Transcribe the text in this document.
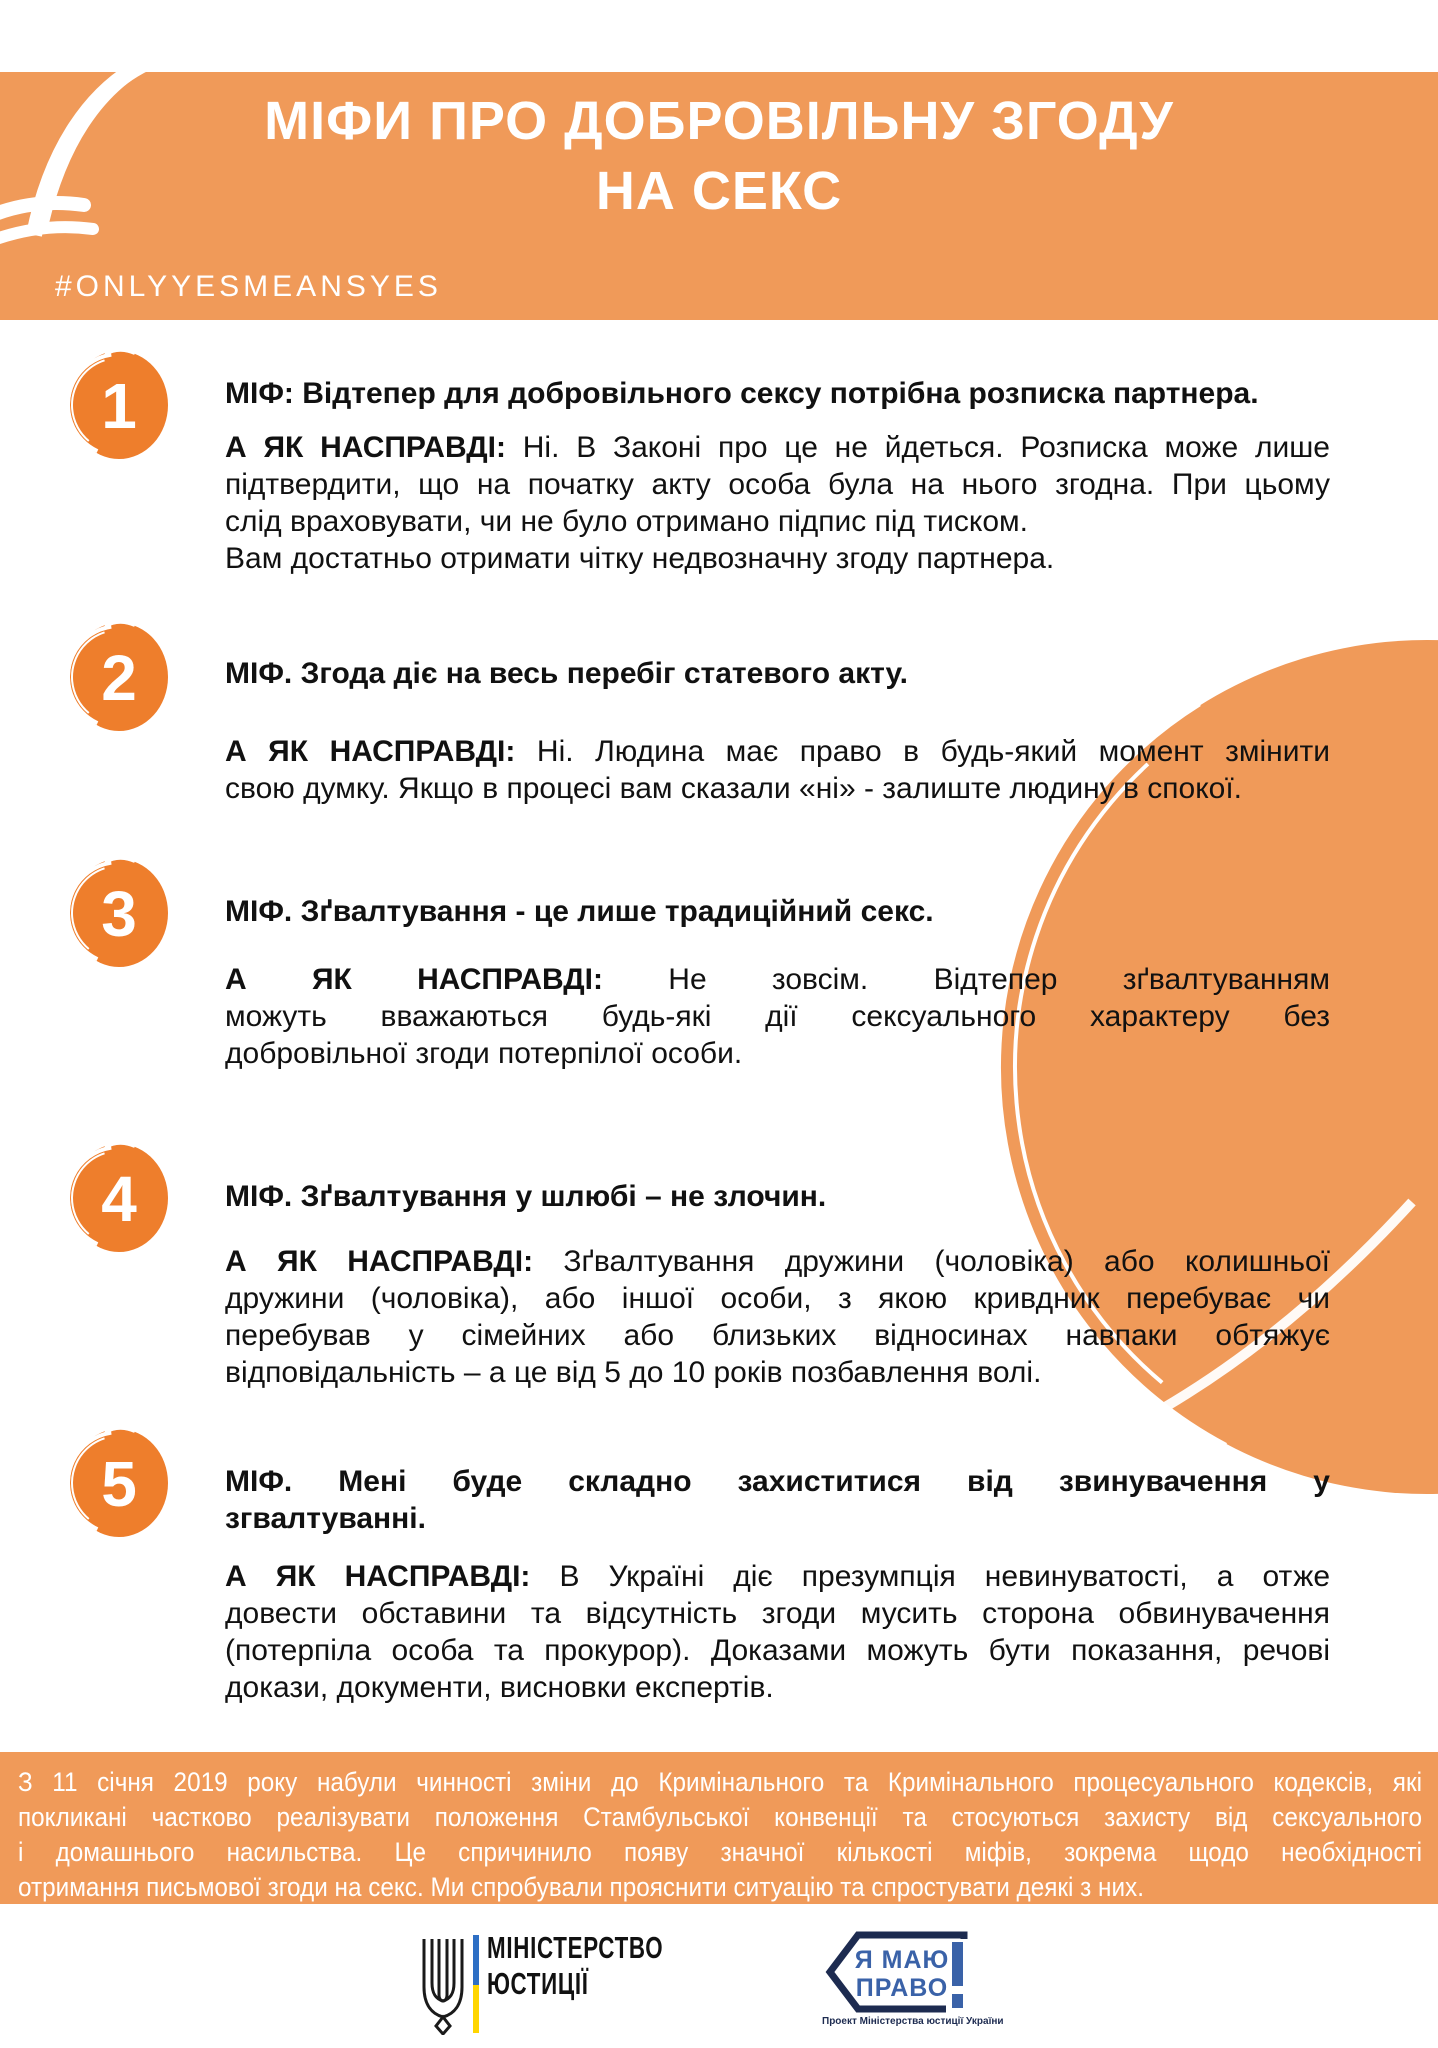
МІФИ ПРО ДОБРОВІЛЬНУ ЗГОДУ
НА СЕКС
#ONLYYESMEANSYES
1	МІФ: Відтепер для добровільного сексу потрібна розписка партнера.
А ЯК НАСПРАВДІ: Ні. В Законі про це не йдеться. Розписка може лише
підтвердити, що на початку акту особа була на нього згодна. При цьому
слід враховувати, чи не було отримано підпис під тиском.
Вам достатньо отримати чітку недвозначну згоду партнера.
2	МІФ. Згода діє на весь перебіг статевого акту.
А ЯК НАСПРАВДІ: Ні. Людина має право в будь-який момент змінити
свою думку. Якщо в процесі вам сказали «ні» - залиште людину в спокої.
3	МІФ. Зґвалтування - це лише традиційний секс.
А ЯК НАСПРАВДІ: Не зовсім. Відтепер зґвалтуванням
можуть вважаються будь-які дії сексуального характеру без
добровільної згоди потерпілої особи.
4	МІФ. Зґвалтування у шлюбі – не злочин.
А ЯК НАСПРАВДІ: Зґвалтування дружини (чоловіка) або колишньої
дружини (чоловіка), або іншої особи, з якою кривдник перебуває чи
перебував у сімейних або близьких відносинах навпаки обтяжує
відповідальність – а це від 5 до 10 років позбавлення волі.
5	МІФ. Мені буде складно захиститися від звинувачення у
згвалтуванні.
А ЯК НАСПРАВДІ: В Україні діє презумпція невинуватості, а отже
довести обставини та відсутність згоди мусить сторона обвинувачення
(потерпіла особа та прокурор). Доказами можуть бути показання, речові
докази, документи, висновки експертів.
З 11 січня 2019 року набули чинності зміни до Кримінального та Кримінального процесуального кодексів, які
покликані частково реалізувати положення Стамбульської конвенції та стосуються захисту від сексуального
і домашнього насильства. Це спричинило появу значної кількості міфів, зокрема щодо необхідності
отримання письмової згоди на секс. Ми спробували прояснити ситуацію та спростувати деякі з них.
МІНІСТЕРСТВО
ЮСТИЦІЇ
Я МАЮ
ПРАВО
Проект Міністерства юстиції України
